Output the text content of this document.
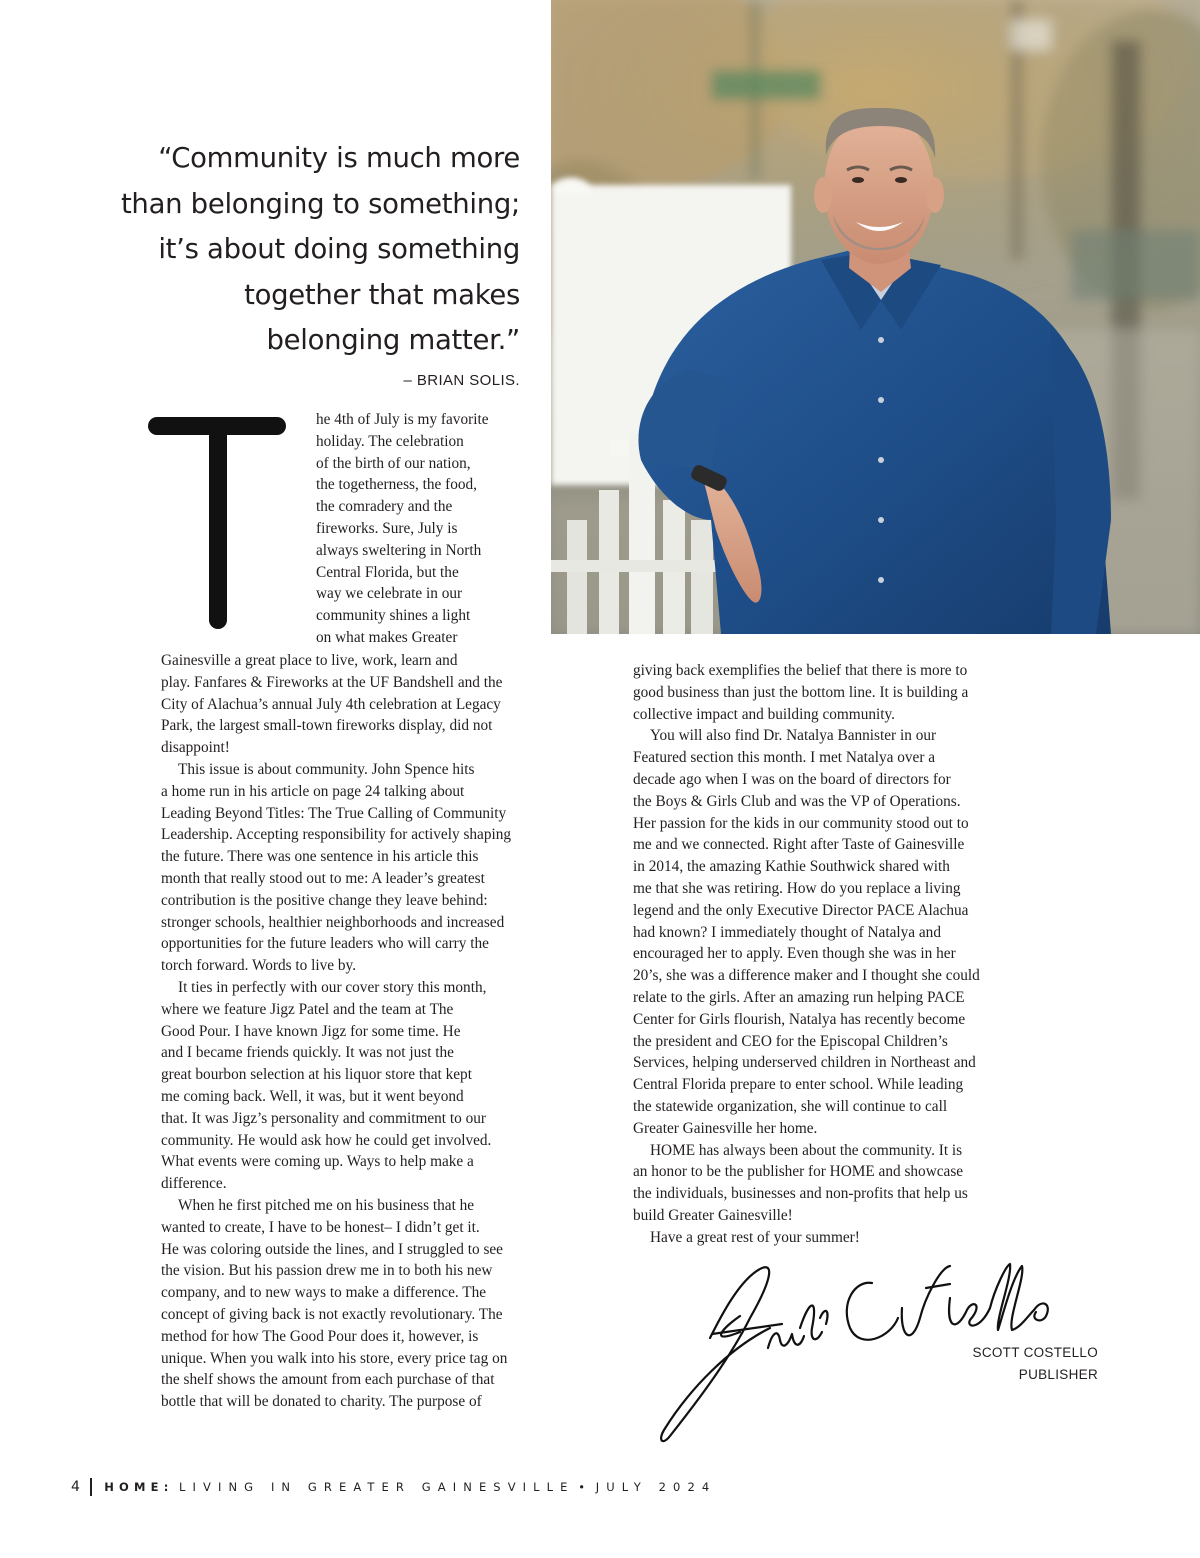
“Community is much more
than belonging to something;
it’s about doing something
together that makes
belonging matter.”
– BRIAN SOLIS.
he 4th of July is my favorite
holiday. The celebration
of the birth of our nation,
the togetherness, the food,
the comradery and the
fireworks. Sure, July is
always sweltering in North
Central Florida, but the
way we celebrate in our
community shines a light
on what makes Greater
Gainesville a great place to live, work, learn and
play. Fanfares & Fireworks at the UF Bandshell and the
City of Alachua’s annual July 4th celebration at Legacy
Park, the largest small-town fireworks display, did not
disappoint!
This issue is about community. John Spence hits
a home run in his article on page 24 talking about
Leading Beyond Titles: The True Calling of Community
Leadership. Accepting responsibility for actively shaping
the future. There was one sentence in his article this
month that really stood out to me: A leader’s greatest
contribution is the positive change they leave behind:
stronger schools, healthier neighborhoods and increased
opportunities for the future leaders who will carry the
torch forward. Words to live by.
It ties in perfectly with our cover story this month,
where we feature Jigz Patel and the team at The
Good Pour. I have known Jigz for some time. He
and I became friends quickly. It was not just the
great bourbon selection at his liquor store that kept
me coming back. Well, it was, but it went beyond
that. It was Jigz’s personality and commitment to our
community. He would ask how he could get involved.
What events were coming up. Ways to help make a
difference.
When he first pitched me on his business that he
wanted to create, I have to be honest– I didn’t get it.
He was coloring outside the lines, and I struggled to see
the vision. But his passion drew me in to both his new
company, and to new ways to make a difference. The
concept of giving back is not exactly revolutionary. The
method for how The Good Pour does it, however, is
unique. When you walk into his store, every price tag on
the shelf shows the amount from each purchase of that
bottle that will be donated to charity. The purpose of
giving back exemplifies the belief that there is more to
good business than just the bottom line. It is building a
collective impact and building community.
You will also find Dr. Natalya Bannister in our
Featured section this month. I met Natalya over a
decade ago when I was on the board of directors for
the Boys & Girls Club and was the VP of Operations.
Her passion for the kids in our community stood out to
me and we connected. Right after Taste of Gainesville
in 2014, the amazing Kathie Southwick shared with
me that she was retiring. How do you replace a living
legend and the only Executive Director PACE Alachua
had known? I immediately thought of Natalya and
encouraged her to apply. Even though she was in her
20’s, she was a difference maker and I thought she could
relate to the girls. After an amazing run helping PACE
Center for Girls flourish, Natalya has recently become
the president and CEO for the Episcopal Children’s
Services, helping underserved children in Northeast and
Central Florida prepare to enter school. While leading
the statewide organization, she will continue to call
Greater Gainesville her home.
HOME has always been about the community. It is
an honor to be the publisher for HOME and showcase
the individuals, businesses and non-profits that help us
build Greater Gainesville!
Have a great rest of your summer!
SCOTT COSTELLO
PUBLISHER
4 HOME: LIVING IN GREATER GAINESVILLE • JULY 2024
